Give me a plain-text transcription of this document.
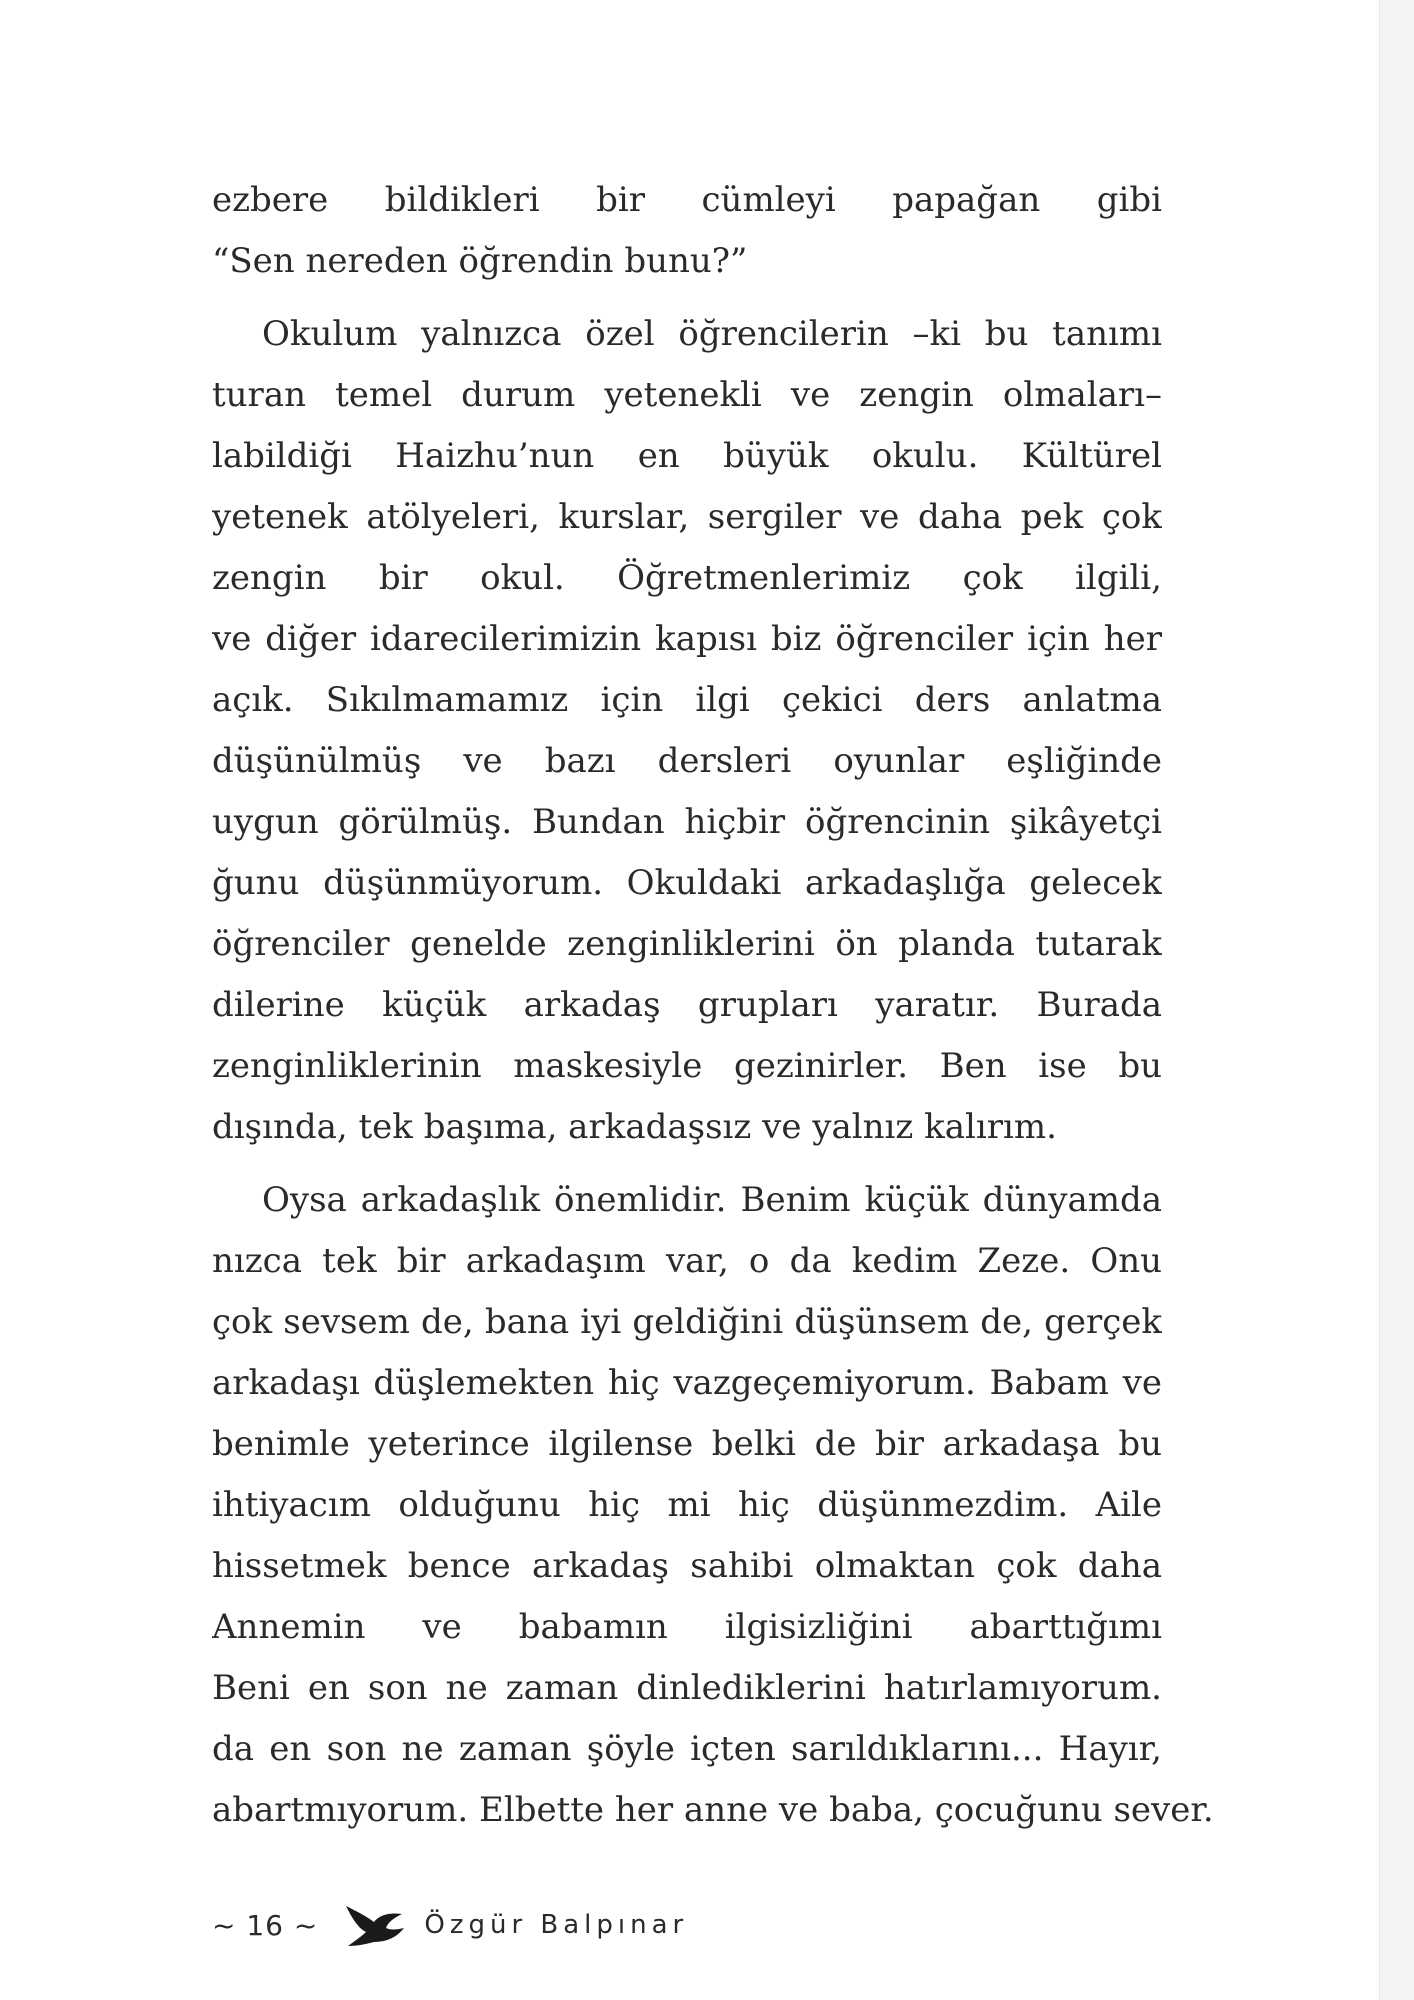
ezbere bildikleri bir cümleyi papağan gibi
“Sen nereden öğrendin bunu?”
Okulum yalnızca özel öğrencilerin –ki bu tanımı
turan temel durum yetenekli ve zengin olmaları–
labildiği Haizhu’nun en büyük okulu. Kültürel
yetenek atölyeleri, kurslar, sergiler ve daha pek çok
zengin bir okul. Öğretmenlerimiz çok ilgili,
ve diğer idarecilerimizin kapısı biz öğrenciler için her
açık. Sıkılmamamız için ilgi çekici ders anlatma
düşünülmüş ve bazı dersleri oyunlar eşliğinde
uygun görülmüş. Bundan hiçbir öğrencinin şikâyetçi
ğunu düşünmüyorum. Okuldaki arkadaşlığa gelecek
öğrenciler genelde zenginliklerini ön planda tutarak
dilerine küçük arkadaş grupları yaratır. Burada
zenginliklerinin maskesiyle gezinirler. Ben ise bu
dışında, tek başıma, arkadaşsız ve yalnız kalırım.
Oysa arkadaşlık önemlidir. Benim küçük dünyamda
nızca tek bir arkadaşım var, o da kedim Zeze. Onu
çok sevsem de, bana iyi geldiğini düşünsem de, gerçek
arkadaşı düşlemekten hiç vazgeçemiyorum. Babam ve
benimle yeterince ilgilense belki de bir arkadaşa bu
ihtiyacım olduğunu hiç mi hiç düşünmezdim. Aile
hissetmek bence arkadaş sahibi olmaktan çok daha
Annemin ve babamın ilgisizliğini abarttığımı
Beni en son ne zaman dinlediklerini hatırlamıyorum.
da en son ne zaman şöyle içten sarıldıklarını... Hayır,
abartmıyorum. Elbette her anne ve baba, çocuğunu sever.
~ 16 ~	Özgür Balpınar
